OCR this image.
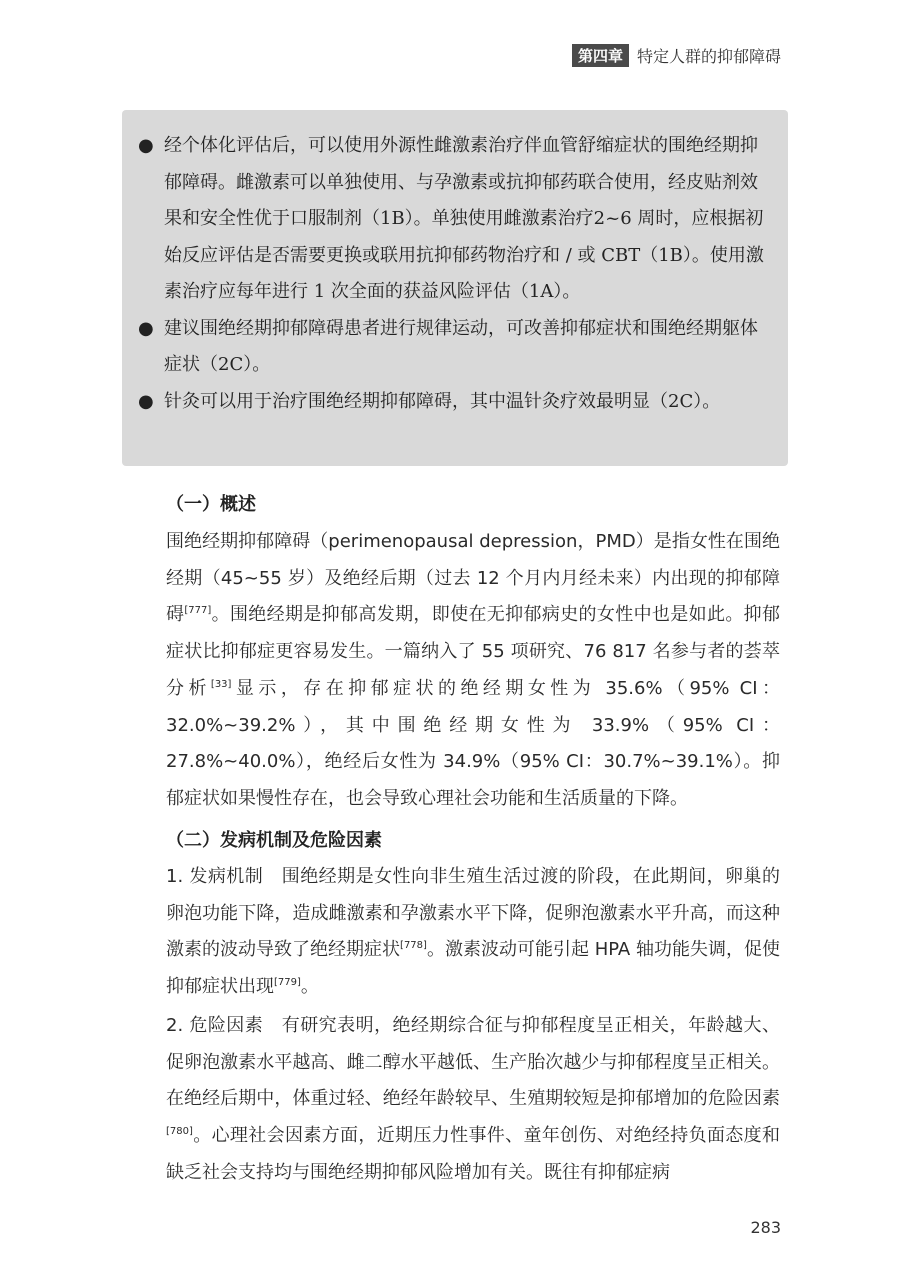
第四章 特定人群的抑郁障碍
● 经个体化评估后，可以使用外源性雌激素治疗伴血管舒缩症状的围绝经期抑郁障碍。雌激素可以单独使用、与孕激素或抗抑郁药联合使用，经皮贴剂效果和安全性优于口服制剂（1B）。单独使用雌激素治疗2~6 周时，应根据初始反应评估是否需要更换或联用抗抑郁药物治疗和 / 或 CBT（1B）。使用激素治疗应每年进行 1 次全面的获益风险评估（1A）。
● 建议围绝经期抑郁障碍患者进行规律运动，可改善抑郁症状和围绝经期躯体症状（2C）。
● 针灸可以用于治疗围绝经期抑郁障碍，其中温针灸疗效最明显（2C）。
（一）概述
围绝经期抑郁障碍（perimenopausal depression，PMD）是指女性在围绝经期（45~55 岁）及绝经后期（过去 12 个月内月经未来）内出现的抑郁障碍[777]。围绝经期是抑郁高发期，即使在无抑郁病史的女性中也是如此。抑郁症状比抑郁症更容易发生。一篇纳入了 55 项研究、76 817 名参与者的荟萃分析[33]显示，存在抑郁症状的绝经期女性为 35.6%（95% CI：32.0%~39.2%），其中围绝经期女性为 33.9%（95% CI：27.8%~40.0%），绝经后女性为 34.9%（95% CI：30.7%~39.1%）。抑郁症状如果慢性存在，也会导致心理社会功能和生活质量的下降。
（二）发病机制及危险因素
1. 发病机制　围绝经期是女性向非生殖生活过渡的阶段，在此期间，卵巢的卵泡功能下降，造成雌激素和孕激素水平下降，促卵泡激素水平升高，而这种激素的波动导致了绝经期症状[778]。激素波动可能引起 HPA 轴功能失调，促使抑郁症状出现[779]。
2. 危险因素　有研究表明，绝经期综合征与抑郁程度呈正相关，年龄越大、促卵泡激素水平越高、雌二醇水平越低、生产胎次越少与抑郁程度呈正相关。在绝经后期中，体重过轻、绝经年龄较早、生殖期较短是抑郁增加的危险因素[780]。心理社会因素方面，近期压力性事件、童年创伤、对绝经持负面态度和缺乏社会支持均与围绝经期抑郁风险增加有关。既往有抑郁症病
283
